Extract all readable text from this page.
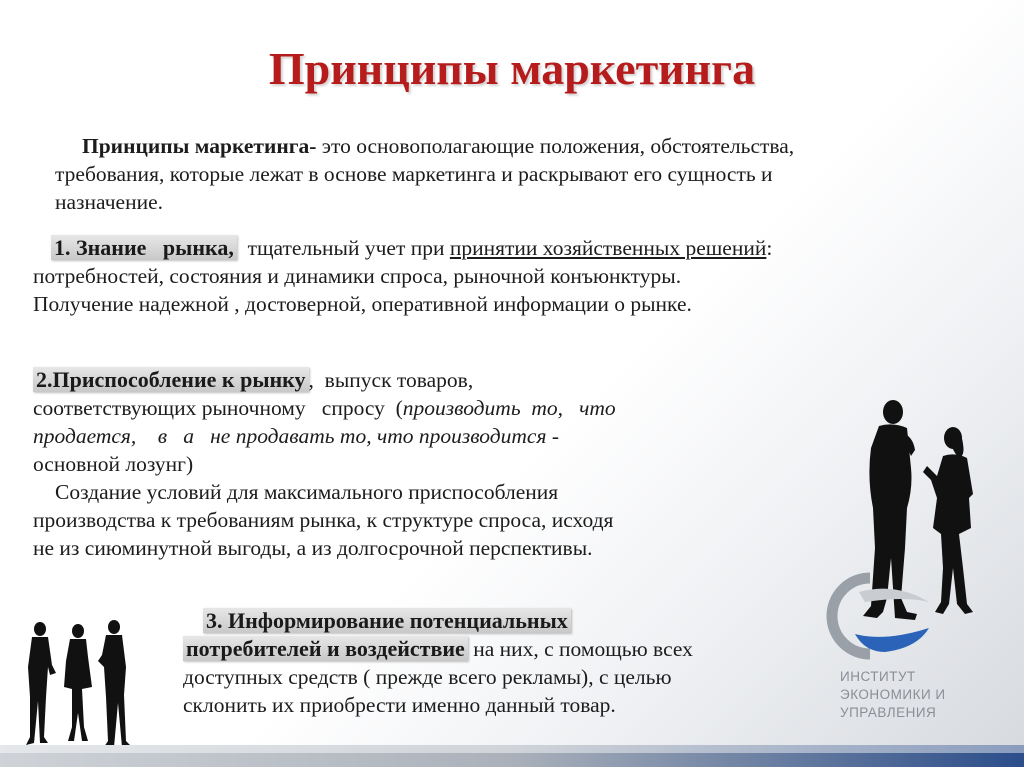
Принципы маркетинга
Принципы маркетинга- это основополагающие положения, обстоятельства,
требования, которые лежат в основе маркетинга и раскрывают его сущность и
назначение.
1. Знание   рынка,  тщательный учет при принятии хозяйственных решений:
потребностей, состояния и динамики спроса, рыночной конъюнктуры.
Получение надежной , достоверной, оперативной информации о рынке.
2.Приспособление к рынку ,  выпуск товаров,
соответствующих рыночному   спросу  (производить  то,   что
продается,    в   а   не продавать то, что производится -
основной лозунг)
Создание условий для максимального приспособления
производства к требованиям рынка, к структуре спроса, исходя
не из сиюминутной выгоды, а из долгосрочной перспективы.
3. Информирование потенциальных
потребителей и воздействие на них, с помощью всех
доступных средств ( прежде всего рекламы), с целью
склонить их приобрести именно данный товар.
ИНСТИТУТ
ЭКОНОМИКИ И УПРАВЛЕНИЯ
